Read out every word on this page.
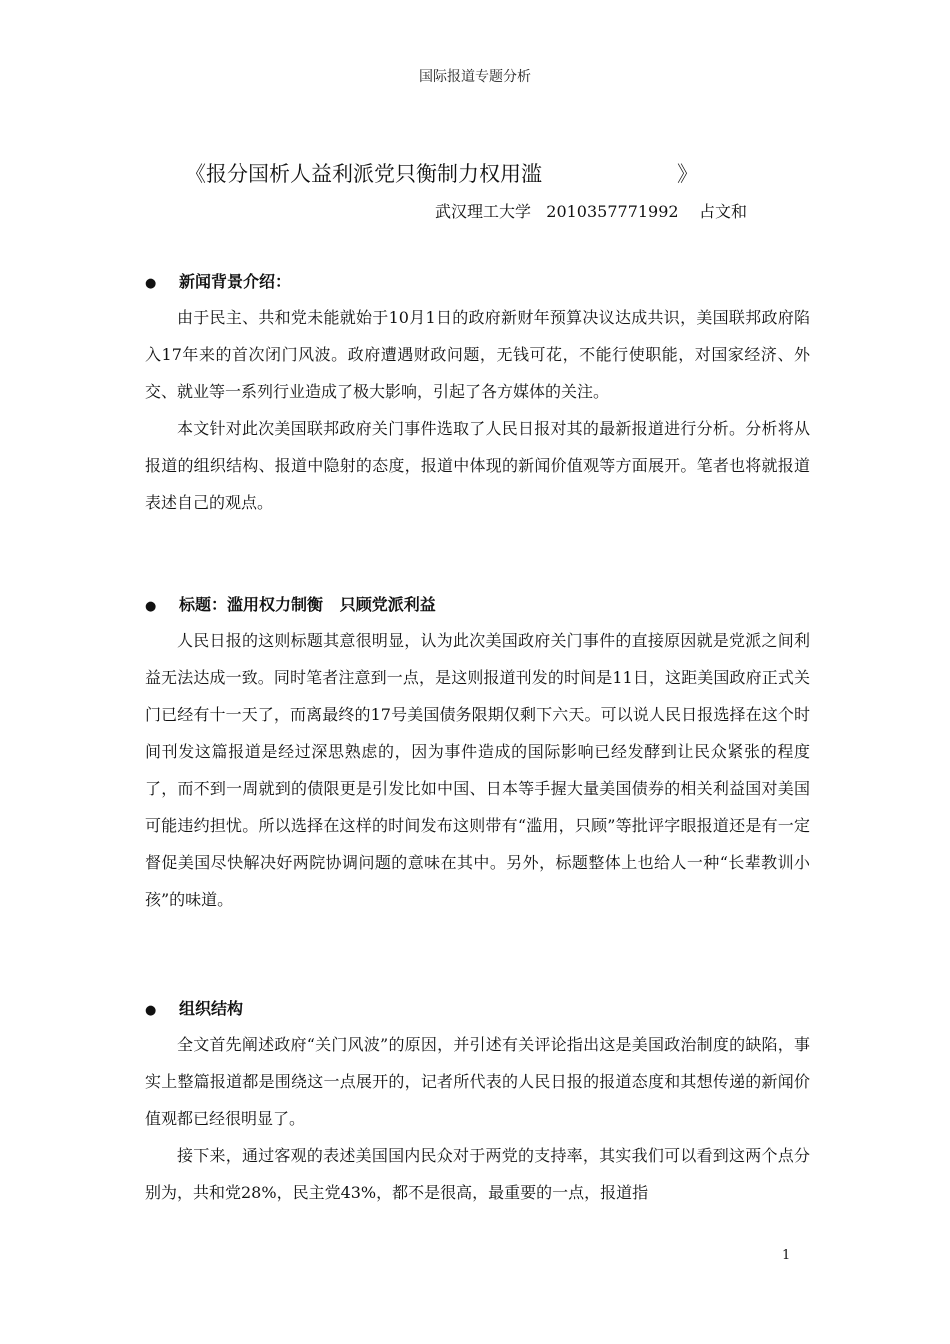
国际报道专题分析
《报分国析人益利派党只衡制力权用滥	》
武汉理工大学   2010357771992    占文和
● 新闻背景介绍：

由于民主、共和党未能就始于10月1日的政府新财年预算决议达成共识，美国联邦政府陷入17年来的首次闭门风波。政府遭遇财政问题，无钱可花，不能行使职能，对国家经济、外交、就业等一系列行业造成了极大影响，引起了各方媒体的关注。

本文针对此次美国联邦政府关门事件选取了人民日报对其的最新报道进行分析。分析将从报道的组织结构、报道中隐射的态度，报道中体现的新闻价值观等方面展开。笔者也将就报道表述自己的观点。

● 标题：滥用权力制衡   只顾党派利益

人民日报的这则标题其意很明显，认为此次美国政府关门事件的直接原因就是党派之间利益无法达成一致。同时笔者注意到一点，是这则报道刊发的时间是11日，这距美国政府正式关门已经有十一天了，而离最终的17号美国债务限期仅剩下六天。可以说人民日报选择在这个时间刊发这篇报道是经过深思熟虑的，因为事件造成的国际影响已经发酵到让民众紧张的程度了，而不到一周就到的债限更是引发比如中国、日本等手握大量美国债券的相关利益国对美国可能违约担忧。所以选择在这样的时间发布这则带有“滥用，只顾”等批评字眼报道还是有一定督促美国尽快解决好两院协调问题的意味在其中。另外，标题整体上也给人一种“长辈教训小孩”的味道。

● 组织结构

全文首先阐述政府“关门风波”的原因，并引述有关评论指出这是美国政治制度的缺陷，事实上整篇报道都是围绕这一点展开的，记者所代表的人民日报的报道态度和其想传递的新闻价值观都已经很明显了。

接下来，通过客观的表述美国国内民众对于两党的支持率，其实我们可以看到这两个点分别为，共和党28%，民主党43%，都不是很高，最重要的一点，报道指

1
